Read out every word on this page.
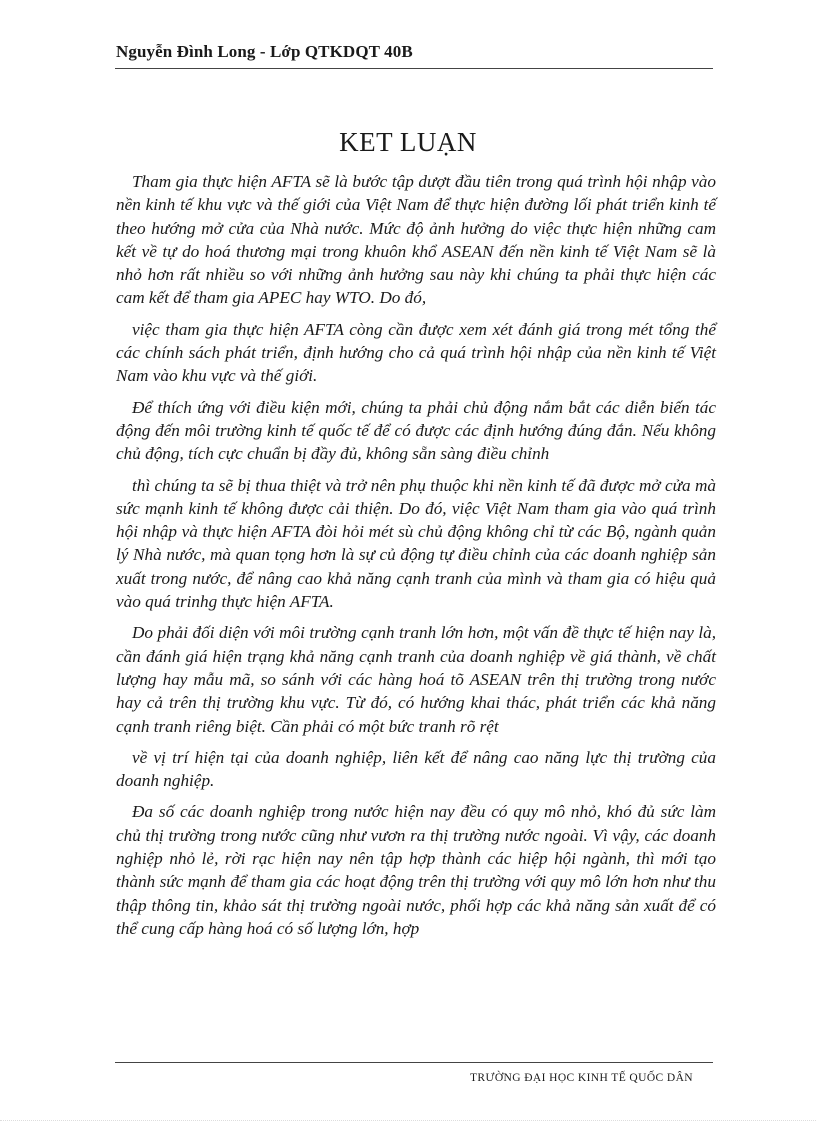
Nguyễn Đình Long - Lớp QTKDQT 40B
KET LUẠN

Tham gia thực hiện AFTA sẽ là bước tập dượt đầu tiên trong quá trình hội nhập vào nền kinh tế khu vực và thế giới của Việt Nam để thực hiện đường lối phát triển kinh tế theo hướng mở cửa của Nhà nước. Mức độ ảnh hưởng do việc thực hiện những cam kết về tự do hoá thương mại trong khuôn khổ ASEAN đến nền kinh tế Việt Nam sẽ là nhỏ hơn rất nhiều so với những ảnh hưởng sau này khi chúng ta phải thực hiện các cam kết để tham gia APEC hay WTO. Do đó,

việc tham gia thực hiện AFTA còng cần được xem xét đánh giá trong mét tổng thể các chính sách phát triển, định hướng cho cả quá trình hội nhập của nền kinh tế Việt Nam vào khu vực và thế giới.

Để thích ứng với điều kiện mới, chúng ta phải chủ động nắm bắt các diễn biến tác động đến môi trường kinh tế quốc tế để có được các định hướng đúng đắn. Nếu không chủ động, tích cực chuẩn bị đầy đủ, không sẵn sàng điều chỉnh

thì chúng ta sẽ bị thua thiệt và trở nên phụ thuộc khi nền kinh tế đã được mở cửa mà sức mạnh kinh tế không được cải thiện. Do đó, việc Việt Nam tham gia vào quá trình hội nhập và thực hiện AFTA đòi hỏi mét sù chủ động không chỉ từ các Bộ, ngành quản lý Nhà nước, mà quan tọng hơn là sự củ động tự điều chỉnh của các doanh nghiệp sản xuất trong nước, để nâng cao khả năng cạnh tranh của mình và tham gia có hiệu quả vào quá trinhg thực hiện AFTA.

Do phải đối diện với môi trường cạnh tranh lớn hơn, một vấn đề thực tế hiện nay là, cần đánh giá hiện trạng khả năng cạnh tranh của doanh nghiệp về giá thành, về chất lượng hay mẫu mã, so sánh với các hàng hoá tõ ASEAN trên thị trường trong nước hay cả trên thị trường khu vực. Từ đó, có hướng khai thác, phát triển các khả năng cạnh tranh riêng biệt. Cần phải có một bức tranh rõ rệt

về vị trí hiện tại của doanh nghiệp, liên kết để nâng cao năng lực thị trường của doanh nghiệp.

Đa số các doanh nghiệp trong nước hiện nay đều có quy mô nhỏ, khó đủ sức làm chủ thị trường trong nước cũng như vươn ra thị trường nước ngoài. Vì vậy, các doanh nghiệp nhỏ lẻ, rời rạc hiện nay nên tập hợp thành các hiệp hội ngành, thì mới tạo thành sức mạnh để tham gia các hoạt động trên thị trường với quy mô lớn hơn như thu thập thông tin, khảo sát thị trường ngoài nước, phối hợp các khả năng sản xuất để có thể cung cấp hàng hoá có số lượng lớn, hợp

TRƯỜNG ĐẠI HỌC KINH TẾ QUỐC DÂN
